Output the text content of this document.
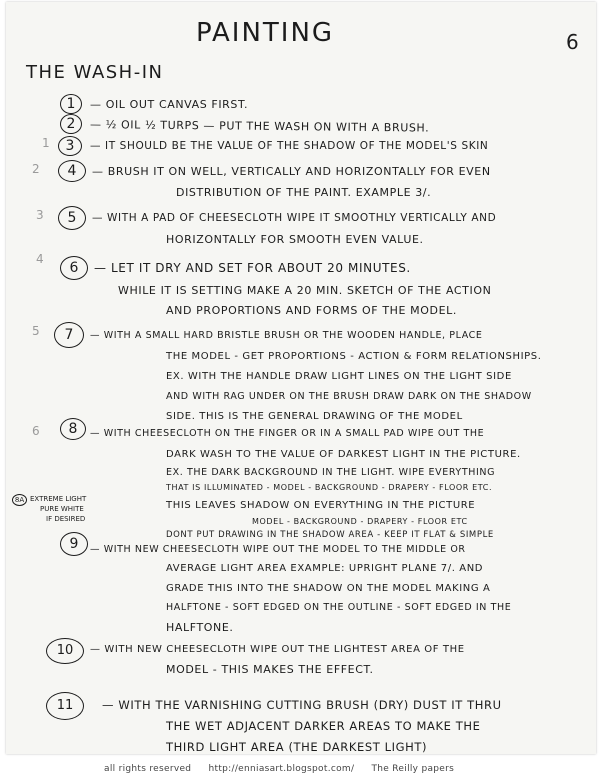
PAINTING	6
THE WASH-IN
1
2
3
4
5
6
1	— OIL OUT CANVAS FIRST.
2	— ½ OIL ½ TURPS — PUT THE WASH ON WITH A BRUSH.
3	— IT SHOULD BE THE VALUE OF THE SHADOW OF THE MODEL'S SKIN
4	— BRUSH IT ON WELL, VERTICALLY AND HORIZONTALLY FOR EVEN
DISTRIBUTION OF THE PAINT. EXAMPLE 3/.
5	— WITH A PAD OF CHEESECLOTH WIPE IT SMOOTHLY VERTICALLY AND
HORIZONTALLY FOR SMOOTH EVEN VALUE.
6	— LET IT DRY AND SET FOR ABOUT 20 MINUTES.
WHILE IT IS SETTING MAKE A 20 MIN. SKETCH OF THE ACTION
AND PROPORTIONS AND FORMS OF THE MODEL.
7	— WITH A SMALL HARD BRISTLE BRUSH OR THE WOODEN HANDLE, PLACE
THE MODEL - GET PROPORTIONS - ACTION & FORM RELATIONSHIPS.
EX. WITH THE HANDLE DRAW LIGHT LINES ON THE LIGHT SIDE
AND WITH RAG UNDER ON THE BRUSH DRAW DARK ON THE SHADOW
SIDE. THIS IS THE GENERAL DRAWING OF THE MODEL
8	— WITH CHEESECLOTH ON THE FINGER OR IN A SMALL PAD WIPE OUT THE
DARK WASH TO THE VALUE OF DARKEST LIGHT IN THE PICTURE.
EX. THE DARK BACKGROUND IN THE LIGHT. WIPE EVERYTHING
THAT IS ILLUMINATED - MODEL - BACKGROUND - DRAPERY - FLOOR ETC.
THIS LEAVES SHADOW ON EVERYTHING IN THE PICTURE
MODEL - BACKGROUND - DRAPERY - FLOOR ETC
DONT PUT DRAWING IN THE SHADOW AREA - KEEP IT FLAT & SIMPLE
8A EXTREME LIGHT
PURE WHITE
IF DESIRED
9	— WITH NEW CHEESECLOTH WIPE OUT THE MODEL TO THE MIDDLE OR
AVERAGE LIGHT AREA EXAMPLE: UPRIGHT PLANE 7/. AND
GRADE THIS INTO THE SHADOW ON THE MODEL MAKING A
HALFTONE - SOFT EDGED ON THE OUTLINE - SOFT EDGED IN THE
HALFTONE.
10	— WITH NEW CHEESECLOTH WIPE OUT THE LIGHTEST AREA OF THE
MODEL - THIS MAKES THE EFFECT.
11	— WITH THE VARNISHING CUTTING BRUSH (DRY) DUST IT THRU
THE WET ADJACENT DARKER AREAS TO MAKE THE
THIRD LIGHT AREA (THE DARKEST LIGHT)
all rights reserved http://enniasart.blogspot.com/ The Reilly papers
